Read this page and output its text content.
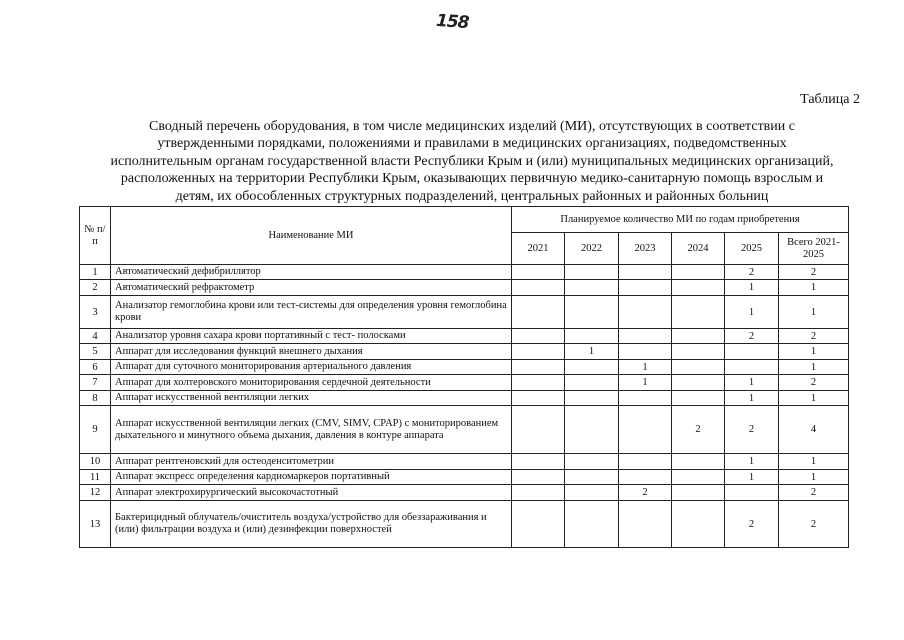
158
Таблица 2
Сводный перечень оборудования, в том числе медицинских изделий (МИ), отсутствующих в соответствии с
утвержденными порядками, положениями и правилами в медицинских организациях, подведомственных
исполнительным органам государственной власти Республики Крым и (или) муниципальных медицинских организаций,
расположенных на территории Республики Крым, оказывающих первичную медико-санитарную помощь взрослым и
детям, их обособленных структурных подразделений, центральных районных и районных больниц
№ п/п	Наименование МИ	Планируемое количество МИ по годам приобретения					
		2021	2022	2023	2024	2025	Всего 2021-2025
1	Автоматический дефибриллятор					2	2
2	Автоматический рефрактометр					1	1
3	Анализатор гемоглобина крови или тест-системы для определения уровня гемоглобина крови					1	1
4	Анализатор уровня сахара крови портативный с тест- полосками					2	2
5	Аппарат для исследования функций внешнего дыхания		1				1
6	Аппарат для суточного мониторирования артериального давления			1			1
7	Аппарат для холтеровского мониторирования сердечной деятельности			1		1	2
8	Аппарат искусственной вентиляции легких					1	1
9	Аппарат искусственной вентиляции легких (CMV, SIMV, CPAP) с мониторированием дыхательного и минутного объема дыхания, давления в контуре аппарата				2	2	4
10	Аппарат рентгеновский для остеоденситометрии					1	1
11	Аппарат экспресс определения кардиомаркеров портативный					1	1
12	Аппарат электрохирургический высокочастотный			2			2
13	Бактерицидный облучатель/очиститель воздуха/устройство для обеззараживания и (или) фильтрации воздуха и (или) дезинфекции поверхностей					2	2
